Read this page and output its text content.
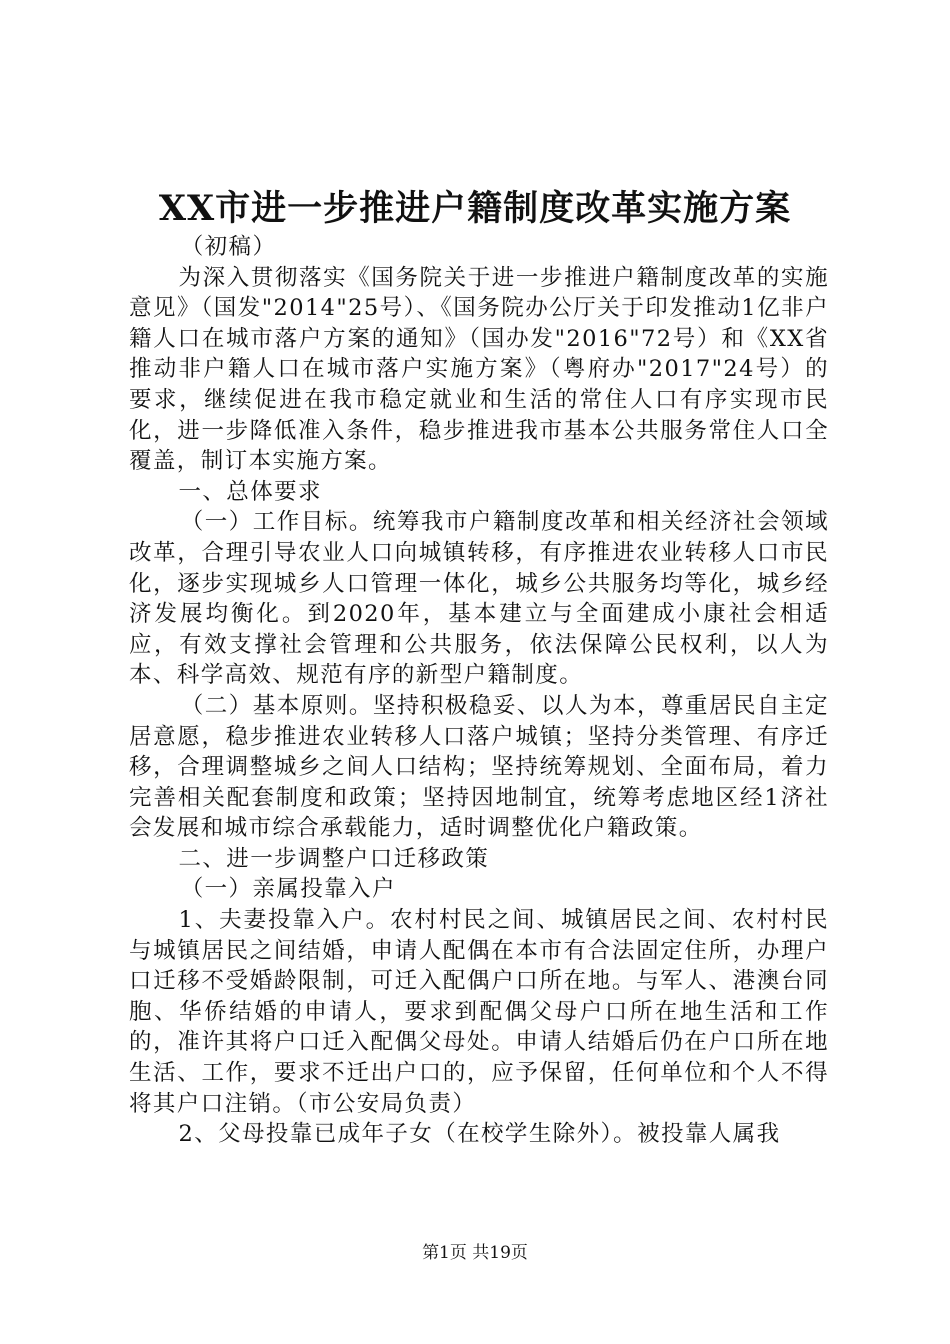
XX市进一步推进户籍制度改革实施方案

（初稿）

为深入贯彻落实《国务院关于进一步推进户籍制度改革的实施意见》（国发"2014"25号）、《国务院办公厅关于印发推动1亿非户籍人口在城市落户方案的通知》（国办发"2016"72号）和《XX省推动非户籍人口在城市落户实施方案》（粤府办"2017"24号）的要求，继续促进在我市稳定就业和生活的常住人口有序实现市民化，进一步降低准入条件，稳步推进我市基本公共服务常住人口全覆盖，制订本实施方案。

一、总体要求

（一）工作目标。统筹我市户籍制度改革和相关经济社会领域改革，合理引导农业人口向城镇转移，有序推进农业转移人口市民化，逐步实现城乡人口管理一体化，城乡公共服务均等化，城乡经济发展均衡化。到2020年，基本建立与全面建成小康社会相适应，有效支撑社会管理和公共服务，依法保障公民权利，以人为本、科学高效、规范有序的新型户籍制度。

（二）基本原则。坚持积极稳妥、以人为本，尊重居民自主定居意愿，稳步推进农业转移人口落户城镇；坚持分类管理、有序迁移，合理调整城乡之间人口结构；坚持统筹规划、全面布局，着力完善相关配套制度和政策；坚持因地制宜，统筹考虑地区经1济社会发展和城市综合承载能力，适时调整优化户籍政策。

二、进一步调整户口迁移政策

（一）亲属投靠入户

1、夫妻投靠入户。农村村民之间、城镇居民之间、农村村民与城镇居民之间结婚，申请人配偶在本市有合法固定住所，办理户口迁移不受婚龄限制，可迁入配偶户口所在地。与军人、港澳台同胞、华侨结婚的申请人，要求到配偶父母户口所在地生活和工作的，准许其将户口迁入配偶父母处。申请人结婚后仍在户口所在地生活、工作，要求不迁出户口的，应予保留，任何单位和个人不得将其户口注销。（市公安局负责）

2、父母投靠已成年子女（在校学生除外）。被投靠人属我

第1页 共19页
